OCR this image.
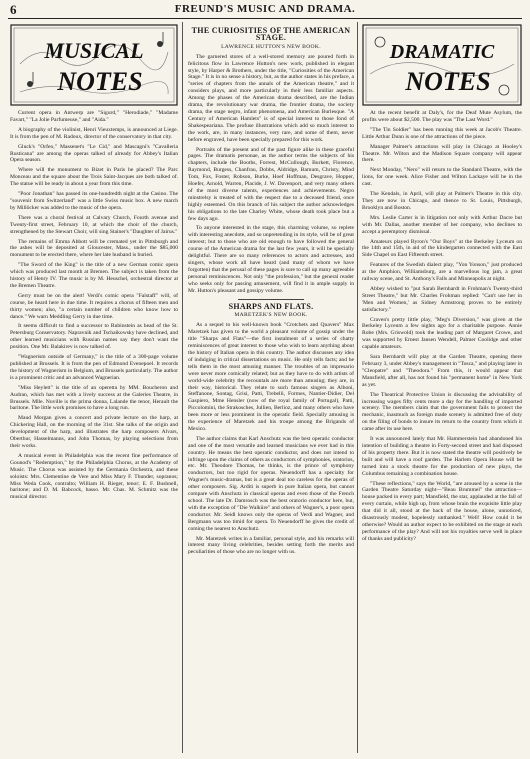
6	FREUND'S MUSIC AND DRAMA.
MUSICAL
NOTES

Current opera in Antwerp are "Sigurd," "Herodiade," "Madame Favart," "La Jolie Parfumeuse," and "Aida."

A biography of the violinist, Henri Vieuxtemps, is announced at Liege. It is from the pen of M. Radoux, director of the conservatory in that city.

Gluck's "Orfeo," Massenet's "Le Cid," and Mascagni's "Cavalleria Rusticana" are among the operas talked of already for Abbey's Italian Opera season.

Where will the monument to Bizet in Paris be placed? The Parc Monceau and the square about the Trois Saint-Jacques are both talked of. The statue will be ready in about a year from this time.

"Poor Jonathan" has passed its one-hundredth night at the Casino. The "souvenir from Switzerland" was a little Swiss music box. A new march by Millöcker was added to the music of the opera.

There was a choral festival at Calvary Church, Fourth avenue and Twenty-first street, February 10, at which the choir of the church, strengthened by the Stewart Choir, will sing Stainer's "Daughter of Jairus."

The remains of Emma Abbott will be cremated yet in Pittsburgh and the ashes will be deposited at Gloucester, Mass., under the $85,000 monument to be erected there, where her late husband is buried.

"The Sword of the King" is the title of a new German comic opera which was produced last month at Bremen. The subject is taken from the history of Henry IV. The music is by M. Heuschel, orchestral director at the Bremen Theatre.

Gerry must be on the alert! Verdi's comic opera "Falstaff" will, of course, be heard here in due time. It requires a chorus of fifteen men and thirty women; also, "a certain number of children who know how to dance." We warn Meddling Gerry in due time.

It seems difficult to find a successor to Rubinstein as head of the St. Petersburg Conservatory. Napravnik and Tschaikowsky have declined, and other learned musicians with Russian names say they don't want the position. One Mr. Balakirev is now talked of.

"Wagnerism outside of Germany," is the title of a 300-page volume published at Brussels. It is from the pen of Edmond Evenepoel. It records the history of Wagnerism in Belgium, and Brussels particularly. The author is a prominent critic and an advanced Wagnerian.

"Miss Heylett" is the title of an operetta by MM. Boucheron and Audran, which has met with a lively success at the Galeries Theatre, in Brussels. Mlle. Nuville is the prima donna, Lalande the tenor, Herault the baritone. The little work promises to have a long run.

Maud Morgan gives a concert and private lecture on the harp, at Chickering Hall, on the morning of the 31st. She talks of the origin and development of the harp, and illustrates the harp composers Alvars, Oberthur, Hasselmanns, and John Thomas, by playing selections from their works.

A musical event in Philadelphia was the recent fine performance of Gounod's "Redemption," by the Philadelphia Chorus, at the Academy of Music. The Chorus was assisted by the Germania Orchestra, and these soloists: Mrs. Clementine de Vere and Miss Mary F. Thunder, sopranos; Miss Weda Cook, contralto; William H. Rieger, tenor; E. F. Bushnell, baritone; and D. M. Babcock, basso. Mr. Chas. M. Schmitz was the musical director.

THE CURIOSITIES OF THE AMERICAN STAGE.
LAWRENCE HUTTON'S NEW BOOK.

The garnered stores of a well-stored memory are poured forth in felicitous flow in Lawrence Hutton's new work, published in elegant style, by Harper & Brothers, under the title, "Curiosities of the American Stage." It is in no sense a history, but, as the author states in his preface, a "series of chapters from the annals of the American theatre," and it considers plays, and more particularly in their less familiar aspects. Among the phases of the American drama described, are the Indian drama, the revolutionary war drama, the frontier drama, the society drama, the stage negro, infant phenomena, and American Burlesque. "A Century of American Hamlets" is of special interest to those fond of Shakespeariana. The profuse illustrations which add so much interest to the work, are, in many instances, very rare, and some of them, never before engraved, have been specially prepared for this work.

Portraits of the present and of the past figure alike in these graceful pages. The dramatis personae, as the author terms the subjects of his chapters, include the Booths, Forrest, McCullough, Burkett, Florence, Raymond, Burgess, Chanfrau, Dobbs, Aldridge, Barnum, Christy, Mind Tom, Fox, Foster, Robson, Burke, Hoef Hoffman, Desgrave, Hopper, Hoefer, Arnold, Warren, Placide, J. W. Davenport, and very many others of the most diverse talents, experiences and achievements. Negro minstrelsy is treated of with the respect due to a deceased friend, once highly esteemed. On this branch of his subject the author acknowledges his obligations to the late Charley White, whose death took place but a few days ago.

To anyone interested in the stage, this charming volume, so replete with interesting anecdote, and so unpretending in its style, will be of great interest; but to those who are old enough to have followed the general course of the American drama for the last few years, it will be specially delightful. There are so many references to actors and actresses, and singers, whose work all have heard (and many of whom we have forgotten) that the perusal of these pages is sure to call up many agreeable personal reminiscences. Not only "the profession," but the general reader who seeks only for passing amusement, will find it in ample supply in Mr. Hutton's pleasant and gossipy volume.

SHARPS AND FLATS.
MARETZEK'S NEW BOOK.

As a sequel to his well-known book "Crotchets and Quavers" Max Maretzek has given to the world a pleasant volume of gossip under the title "Sharps and Flats"—the first instalment of a series of chatty reminiscences of great interest to those who wish to learn anything about the history of Italian opera in this country. The author discusses any idea of indulging in critical dissertations on music. He only tells facts; and he tells them in the most amusing manner. The troubles of an impresario were never more comically related; but as they have to do with artists of world-wide celebrity the recountals are more than amusing; they are, in their way, historical. They relate to such famous singers as Alboni, Steffanone, Sontag, Grisi, Patti, Trebelli, Formes, Nantier-Didier, Del Gaspiero, Mme Hensler (now of the royal family of Portugal), Patti, Piccolomini, the Strakosches, Jullien, Berlioz, and many others who have been more or less prominent in the operatic field. Specially amusing is the experience of Maretzek and his troupe among the Brigands of Mexico.

The author claims that Karl Anschutz was the best operatic conductor and one of the most versatile and learned musicians we ever had in this country. He means the best operatic conductor, and does not intend to infringe upon the claims of others as conductors of symphonies, oratorios, etc. Mr. Theodore Thomas, he thinks, is the prince of symphony conductors, but too rigid for operas. Neuendorff has a specialty for Wagner's music-dramas, but is a great deal too careless for the operas of other composers. Sig. Arditi is superb in pure Italian opera, but cannot compare with Anschutz in classical operas and even those of the French school. The late Dr. Damrosch was the best oratorio conductor here, but, with the exception of "Die Walküre" and others of Wagner's, a poor opera conductor. Mr. Seidl knows only the operas of Verdi and Wagner, and Bergmann was too timid for opera. To Neuendorff he gives the credit of coming the nearest to Anschutz.

Mr. Maretzek writes in a familiar, personal style, and his remarks will interest many living celebrities, besides setting forth the merits and peculiarities of those who are no longer with us.

DRAMATIC
NOTES

At the recent benefit at Daly's, for the Deaf Mute Asylum, the profits were about $2,500. The play was "The Last Word."

"The Tin Soldier" has been running this week at Jacob's Theatre. Little Arthur Dunn is one of the attractions of the piece.

Manager Palmer's attractions will play in Chicago at Hooley's Theatre. Mr. Wilton and the Madison Square company will appear there.

Next Monday, "Nero" will return to the Standard Theatre, with the lions, for one week. Alice Fisher and Wilton Lackaye will be in the cast.

The Kendals, in April, will play at Palmer's Theatre in this city. They are now in Chicago, and thence to St. Louis, Pittsburgh, Brooklyn and Boston.

Mrs. Leslie Carter is in litigation not only with Arthur Dacre but with Mr. Dallas, another member of her company, who declines to accept a peremptory dismissal.

Amateurs played Byron's "Our Boys" at the Berkeley Lyceum on the 14th and 15th, in aid of the kindergarten connected with the East Side Chapel on East Fifteenth street.

Features of the Swedish dialect play, "Yon Yonson," just produced at the Amphion, Williamsburg, are a marvellous log jam, a great railway scene, and St. Anthony's Falls and Minneapolis at night.

Abbey wished to "put Sarah Bernhardt in Frohman's Twenty-third Street Theatre," but Mr. Charles Frohman replied: "Can't use her in 'Men and Women,' as Sidney Armstrong proves to be entirely satisfactory."

Craven's pretty little play, "Meg's Diversion," was given at the Berkeley Lyceum a few nights ago for a charitable purpose. Annie Robe (Mrs. Griswold) took the leading part of Margaret Crowe, and was supported by Ernest Jansen Wendell, Palmer Coolidge and other capable amateurs.

Sara Bernhardt will play at the Garden Theatre, opening there February 3, under Abbey's management in "Tosca," and playing later in "Cleopatre" and "Theodora." From this, it would appear that Mansfield, after all, has not found his "permanent home" in New York as yet.

The Theatrical Protective Union is discussing the advisability of increasing wages fifty cents more a day for the handling of imported scenery. The members claim that the government fails to protect the mechanic, inasmuch as foreign made scenery is admitted free of duty on the filing of bonds to insure its return to the country from which it came after its use here.

It was announced lately that Mr. Hammerstein had abandoned his intention of building a theatre in Forty-second street and had disposed of his property there. But it is now stated the theatre will positively be built and will have a roof garden. The Harlem Opera House will be turned into a stock theatre for the production of new plays, the Columbus remaining a combination house.

"These reflections," says the World, "are aroused by a scene in the Garden Theatre Saturday night—"Beau Brummel" the attraction—house packed in every part; Mansfield, the star, applauded at the fall of every curtain, while high up, from whose brain the exquisite little play that did it all, stood at the back of the house, alone, unnoticed, disastrously modest, hopelessly unthanked." Well! How could it be otherwise? Would an author expect to be exhibited on the stage at each performance of the play? And will not his royalties serve well in place of thanks and publicity?
